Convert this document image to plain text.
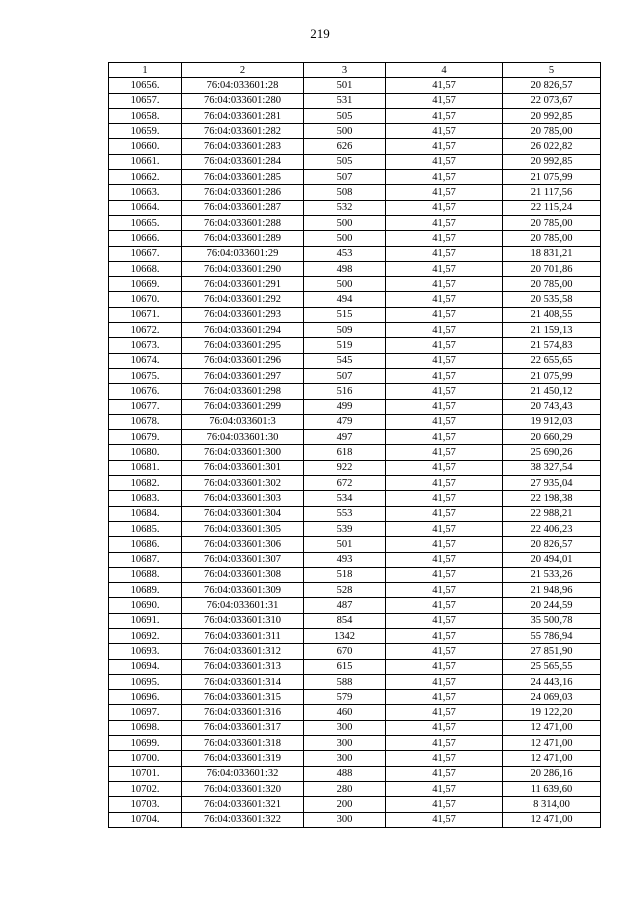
219
1	2	3	4	5
10656.	76:04:033601:28	501	41,57	20 826,57
10657.	76:04:033601:280	531	41,57	22 073,67
10658.	76:04:033601:281	505	41,57	20 992,85
10659.	76:04:033601:282	500	41,57	20 785,00
10660.	76:04:033601:283	626	41,57	26 022,82
10661.	76:04:033601:284	505	41,57	20 992,85
10662.	76:04:033601:285	507	41,57	21 075,99
10663.	76:04:033601:286	508	41,57	21 117,56
10664.	76:04:033601:287	532	41,57	22 115,24
10665.	76:04:033601:288	500	41,57	20 785,00
10666.	76:04:033601:289	500	41,57	20 785,00
10667.	76:04:033601:29	453	41,57	18 831,21
10668.	76:04:033601:290	498	41,57	20 701,86
10669.	76:04:033601:291	500	41,57	20 785,00
10670.	76:04:033601:292	494	41,57	20 535,58
10671.	76:04:033601:293	515	41,57	21 408,55
10672.	76:04:033601:294	509	41,57	21 159,13
10673.	76:04:033601:295	519	41,57	21 574,83
10674.	76:04:033601:296	545	41,57	22 655,65
10675.	76:04:033601:297	507	41,57	21 075,99
10676.	76:04:033601:298	516	41,57	21 450,12
10677.	76:04:033601:299	499	41,57	20 743,43
10678.	76:04:033601:3	479	41,57	19 912,03
10679.	76:04:033601:30	497	41,57	20 660,29
10680.	76:04:033601:300	618	41,57	25 690,26
10681.	76:04:033601:301	922	41,57	38 327,54
10682.	76:04:033601:302	672	41,57	27 935,04
10683.	76:04:033601:303	534	41,57	22 198,38
10684.	76:04:033601:304	553	41,57	22 988,21
10685.	76:04:033601:305	539	41,57	22 406,23
10686.	76:04:033601:306	501	41,57	20 826,57
10687.	76:04:033601:307	493	41,57	20 494,01
10688.	76:04:033601:308	518	41,57	21 533,26
10689.	76:04:033601:309	528	41,57	21 948,96
10690.	76:04:033601:31	487	41,57	20 244,59
10691.	76:04:033601:310	854	41,57	35 500,78
10692.	76:04:033601:311	1342	41,57	55 786,94
10693.	76:04:033601:312	670	41,57	27 851,90
10694.	76:04:033601:313	615	41,57	25 565,55
10695.	76:04:033601:314	588	41,57	24 443,16
10696.	76:04:033601:315	579	41,57	24 069,03
10697.	76:04:033601:316	460	41,57	19 122,20
10698.	76:04:033601:317	300	41,57	12 471,00
10699.	76:04:033601:318	300	41,57	12 471,00
10700.	76:04:033601:319	300	41,57	12 471,00
10701.	76:04:033601:32	488	41,57	20 286,16
10702.	76:04:033601:320	280	41,57	11 639,60
10703.	76:04:033601:321	200	41,57	8 314,00
10704.	76:04:033601:322	300	41,57	12 471,00
